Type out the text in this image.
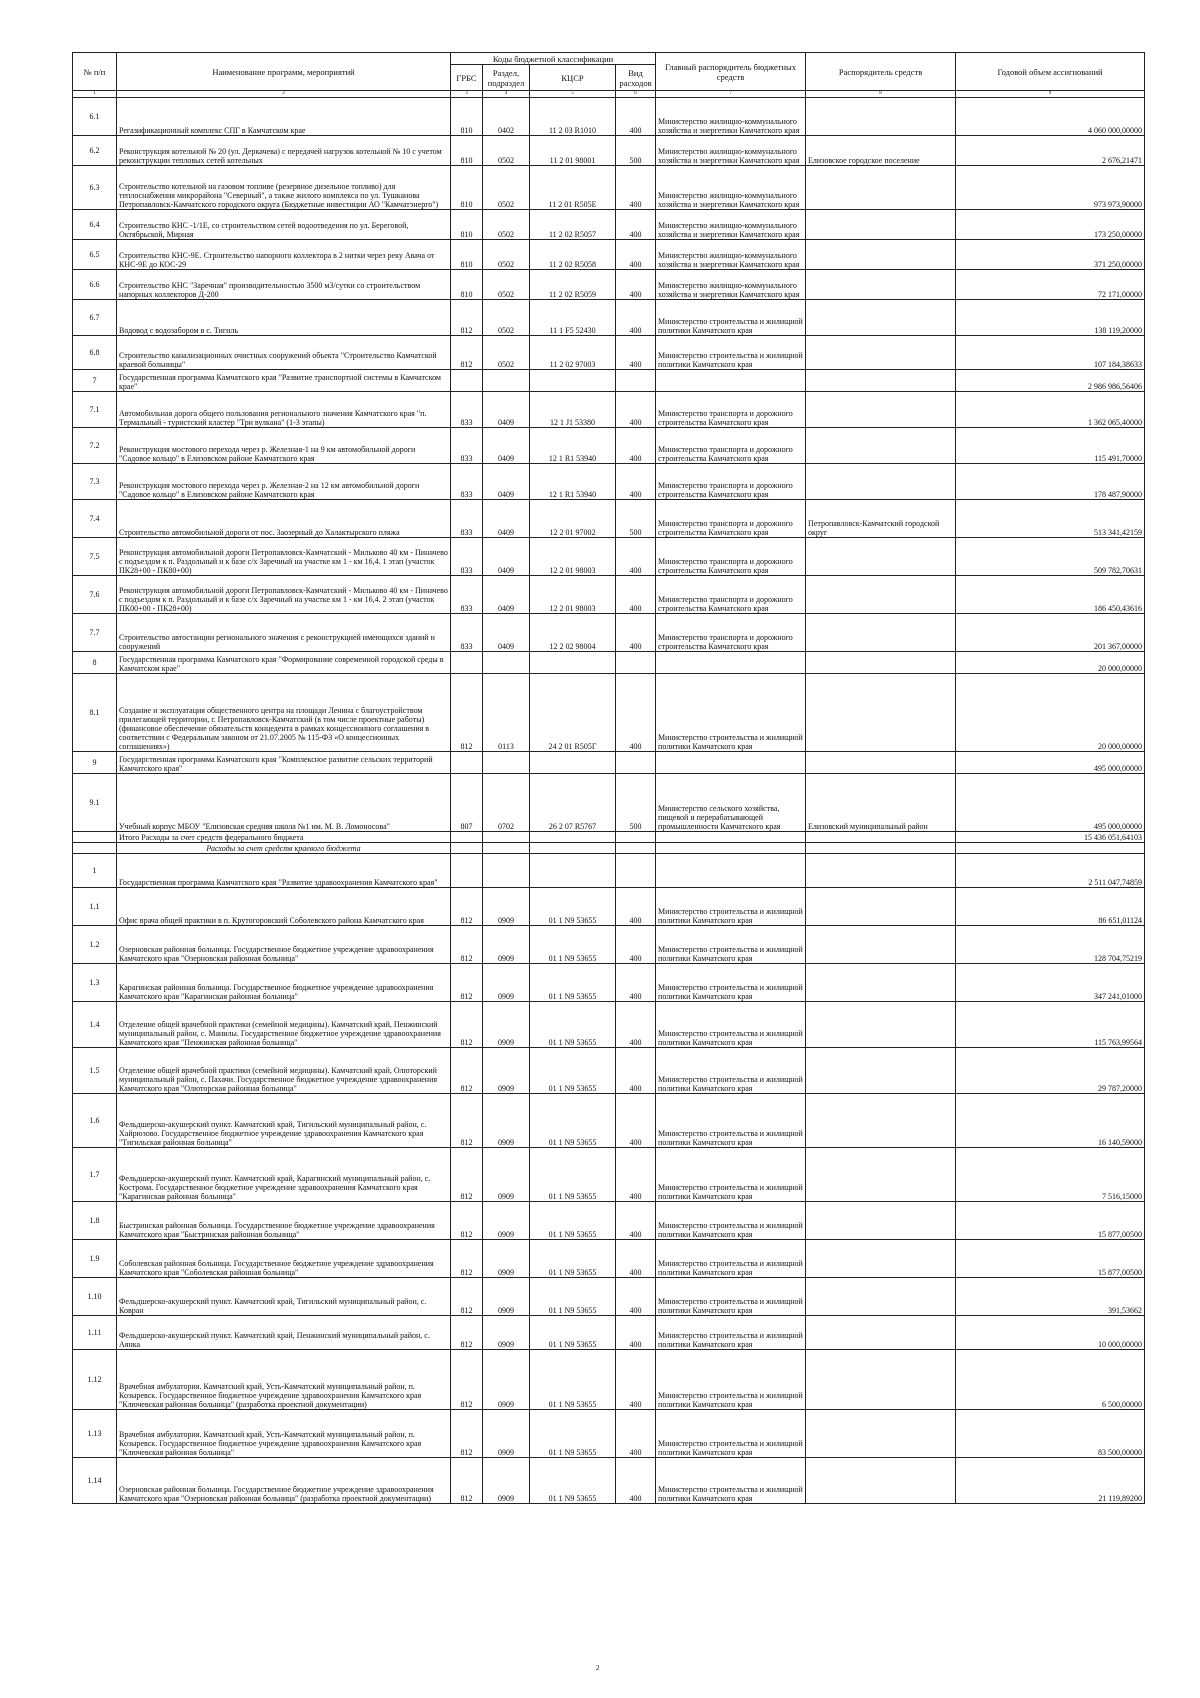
№ п/п	Наименование программ, мероприятий	Коды бюджетной классификации				Главный распорядитель бюджетных средств	Распорядитель средств	Годовой объем ассигнований
		ГРБС	Раздел, подраздел	КЦСР	Вид расходов			
1	2	3	4	5	6	7	8	9
6.1	Регазификационный комплекс СПГ в Камчатском крае	810	0402	11 2 03 R1010	400	Министерство жилищно-коммунального хозяйства и энергетики Камчатского края		4 060 000,00000
6.2	Реконструкция котельной № 20 (ул. Деркачева) с передачей нагрузок котельной № 10 с учетом реконструкции тепловых сетей котельных	810	0502	11 2 01 98001	500	Министерство жилищно-коммунального хозяйства и энергетики Камчатского края	Елизовское городское поселение	2 676,21471
6.3	Строительство котельной на газовом топливе (резервное дизельное топливо) для теплоснабжения микрорайона "Северный", а также жилого комплекса по ул. Тушканова Петропавловск-Камчатского городского округа (Бюджетные инвестиции АО "Камчатэнерго")	810	0502	11 2 01 R505E	400	Министерство жилищно-коммунального хозяйства и энергетики Камчатского края		973 973,90000
6.4	Строительство КНС -1/1Е, со строительством сетей водоотведения по ул. Береговой, Октябрьской, Мирная	810	0502	11 2 02 R5057	400	Министерство жилищно-коммунального хозяйства и энергетики Камчатского края		173 250,00000
6.5	Строительство КНС-9Е. Строительство напорного коллектора в 2 нитки через реку Авача от КНС-9Е до КОС-29	810	0502	11 2 02 R5058	400	Министерство жилищно-коммунального хозяйства и энергетики Камчатского края		371 250,00000
6.6	Строительство КНС "Заречная" производительностью 3500 м3/сутки со строительством напорных коллекторов Д-200	810	0502	11 2 02 R5059	400	Министерство жилищно-коммунального хозяйства и энергетики Камчатского края		72 171,00000
6.7	Водовод с водозабором в с. Тигиль	812	0502	11 1 F5 52430	400	Министерство строительства и жилищной политики Камчатского края		138 119,20000
6.8	Строительство канализационных очистных сооружений объекта "Строительство Камчатской краевой больницы"	812	0502	11 2 02 97003	400	Министерство строительства и жилищной политики Камчатского края		107 184,38633
7	Государственная программа Камчатского края "Развитие транспортной системы в Камчатском крае"							2 986 986,56406
7.1	Автомобильная дорога общего пользования регионального значения Камчатского края "п. Термальный - туристский кластер "Три вулкана" (1-3 этапы)	833	0409	12 1 J1 53380	400	Министерство транспорта и дорожного строительства Камчатского края		1 362 065,40000
7.2	Реконструкция мостового перехода через р. Железная-1 на 9 км автомобильной дороги "Садовое кольцо" в Елизовском районе Камчатского края	833	0409	12 1 R1 53940	400	Министерство транспорта и дорожного строительства Камчатского края		115 491,70000
7.3	Реконструкция мостового перехода через р. Железная-2 на 12 км автомобильной дороги "Садовое кольцо" в Елизовском районе Камчатского края	833	0409	12 1 R1 53940	400	Министерство транспорта и дорожного строительства Камчатского края		178 487,90000
7.4	Строительство автомобильной дороги от пос. Заозерный до Халактырского пляжа	833	0409	12 2 01 97002	500	Министерство транспорта и дорожного строительства Камчатского края	Петропавловск-Камчатский городской округ	513 341,42159
7.5	Реконструкция автомобильной дороги Петропавловск-Камчатский - Мильково 40 км - Пиначево с подъездом к п. Раздольный и к базе с/х Заречный на участке км 1 - км 16,4. 1 этап (участок ПК28+00 - ПК80+00)	833	0409	12 2 01 98003	400	Министерство транспорта и дорожного строительства Камчатского края		509 782,70631
7.6	Реконструкция автомобильной дороги Петропавловск-Камчатский - Мильково 40 км - Пиначево с подъездом к п. Раздольный и к базе с/х Заречный на участке км 1 - км 16,4. 2 этап (участок ПК00+00 - ПК28+00)	833	0409	12 2 01 98003	400	Министерство транспорта и дорожного строительства Камчатского края		186 450,43616
7.7	Строительство автостанции регионального значения с реконструкцией имеющихся зданий и сооружений	833	0409	12 2 02 98004	400	Министерство транспорта и дорожного строительства Камчатского края		201 367,00000
8	Государственная программа Камчатского края "Формирование современной городской среды в Камчатском крае"							20 000,00000
8.1	Создание и эксплуатация общественного центра на площади Ленина с благоустройством прилегающей территории, г. Петропавловск-Камчатский (в том числе проектные работы) (финансовое обеспечение обязательств концедента в рамках концессионного соглашения в соответствии с Федеральным законом от 21.07.2005 № 115-ФЗ «О концессионных соглашениях»)	812	0113	24 2 01 R505Г	400	Министерство строительства и жилищной политики Камчатского края		20 000,00000
9	Государственная программа Камчатского края "Комплексное развитие сельских территорий Камчатского края"							495 000,00000
9.1	Учебный корпус МБОУ "Елизовская средняя школа №1 им. М. В. Ломоносова"	807	0702	26 2 07 R5767	500	Министерство сельского хозяйства, пищевой и перерабатывающей промышленности Камчатского края	Елизовский муниципальный район	495 000,00000
	Итого Расходы за счет средств федерального бюджета							15 436 051,64103
	Расходы за счет средств краевого бюджета							
1	Государственная программа Камчатского края "Развитие здравоохранения Камчатского края"							2 511 047,74859
1.1	Офис врача общей практики в п. Крутогоровский Соболевского района Камчатского края	812	0909	01 1 N9 53655	400	Министерство строительства и жилищной политики Камчатского края		86 651,01124
1.2	Озерновская районная больница. Государственное бюджетное учреждение здравоохранения Камчатского края "Озерновская районная больница"	812	0909	01 1 N9 53655	400	Министерство строительства и жилищной политики Камчатского края		128 704,75219
1.3	Карагинская районная больница. Государственное бюджетное учреждение здравоохранения Камчатского края "Карагинская районная больница"	812	0909	01 1 N9 53655	400	Министерство строительства и жилищной политики Камчатского края		347 241,01000
1.4	Отделение общей врачебной практики (семейной медицины). Камчатский край, Пенжинский муниципальный район, с. Манилы. Государственное бюджетное учреждение здравоохранения Камчатского края "Пенжинская районная больница"	812	0909	01 1 N9 53655	400	Министерство строительства и жилищной политики Камчатского края		115 763,99564
1.5	Отделение общей врачебной практики (семейной медицины). Камчатский край, Олюторский муниципальный район, с. Пахачи. Государственное бюджетное учреждение здравоохранения Камчатского края "Олюторская районная больница"	812	0909	01 1 N9 53655	400	Министерство строительства и жилищной политики Камчатского края		29 787,20000
1.6	Фельдшерско-акушерский пункт. Камчатский край, Тигильский муниципальный район, с. Хайрюзово. Государственное бюджетное учреждение здравоохранения Камчатского края "Тигильская районная больница"	812	0909	01 1 N9 53655	400	Министерство строительства и жилищной политики Камчатского края		16 140,59000
1.7	Фельдшерско-акушерский пункт. Камчатский край, Карагинский муниципальный район, с. Кострома. Государственное бюджетное учреждение здравоохранения Камчатского края "Карагинская районная больница"	812	0909	01 1 N9 53655	400	Министерство строительства и жилищной политики Камчатского края		7 516,15000
1.8	Быстринская районная больница. Государственное бюджетное учреждение здравоохранения Камчатского края "Быстринская районная больница"	812	0909	01 1 N9 53655	400	Министерство строительства и жилищной политики Камчатского края		15 877,00500
1.9	Соболевская районная больница. Государственное бюджетное учреждение здравоохранения Камчатского края "Соболевская районная больница"	812	0909	01 1 N9 53655	400	Министерство строительства и жилищной политики Камчатского края		15 877,00500
1.10	Фельдшерско-акушерский пункт. Камчатский край, Тигильский муниципальный район, с. Ковран	812	0909	01 1 N9 53655	400	Министерство строительства и жилищной политики Камчатского края		391,53662
1.11	Фельдшерско-акушерский пункт. Камчатский край, Пенжинский муниципальный район, с. Аянка	812	0909	01 1 N9 53655	400	Министерство строительства и жилищной политики Камчатского края		10 000,00000
1.12	Врачебная амбулатория. Камчатский край, Усть-Камчатский муниципальный район, п. Козыревск. Государственное бюджетное учреждение здравоохранения Камчатского края "Ключевская районная больница" (разработка проектной документации)	812	0909	01 1 N9 53655	400	Министерство строительства и жилищной политики Камчатского края		6 500,00000
1.13	Врачебная амбулатория. Камчатский край, Усть-Камчатский муниципальный район, п. Козыревск. Государственное бюджетное учреждение здравоохранения Камчатского края "Ключевская районная больница"	812	0909	01 1 N9 53655	400	Министерство строительства и жилищной политики Камчатского края		83 500,00000
1.14	Озерновская районная больница. Государственное бюджетное учреждение здравоохранения Камчатского края "Озерновская районная больница" (разработка проектной документации)	812	0909	01 1 N9 53655	400	Министерство строительства и жилищной политики Камчатского края		21 119,89200
2
